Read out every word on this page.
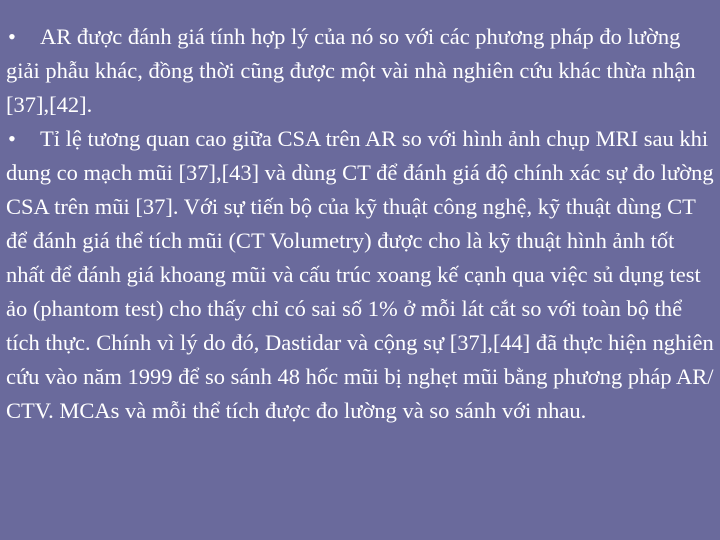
• AR được đánh giá tính hợp lý của nó so với các phương pháp đo lường giải phẫu khác, đồng thời cũng được một vài nhà nghiên cứu khác thừa nhận [37],[42].

• Tỉ lệ tương quan cao giữa CSA trên AR so với hình ảnh chụp MRI sau khi dung co mạch mũi [37],[43] và dùng CT để đánh giá độ chính xác sự đo lường CSA trên mũi [37]. Với sự tiến bộ của kỹ thuật công nghệ, kỹ thuật dùng CT để đánh giá thể tích mũi (CT Volumetry) được cho là kỹ thuật hình ảnh tốt nhất để đánh giá khoang mũi và cấu trúc xoang kế cạnh qua việc sủ dụng test ảo (phantom test) cho thấy chỉ có sai số 1% ở mỗi lát cắt so với toàn bộ thể tích thực. Chính vì lý do đó, Dastidar và cộng sự [37],[44] đã thực hiện nghiên cứu vào năm 1999 để so sánh 48 hốc mũi bị nghẹt mũi bằng phương pháp AR/ CTV. MCAs và mỗi thể tích được đo lường và so sánh với nhau.
